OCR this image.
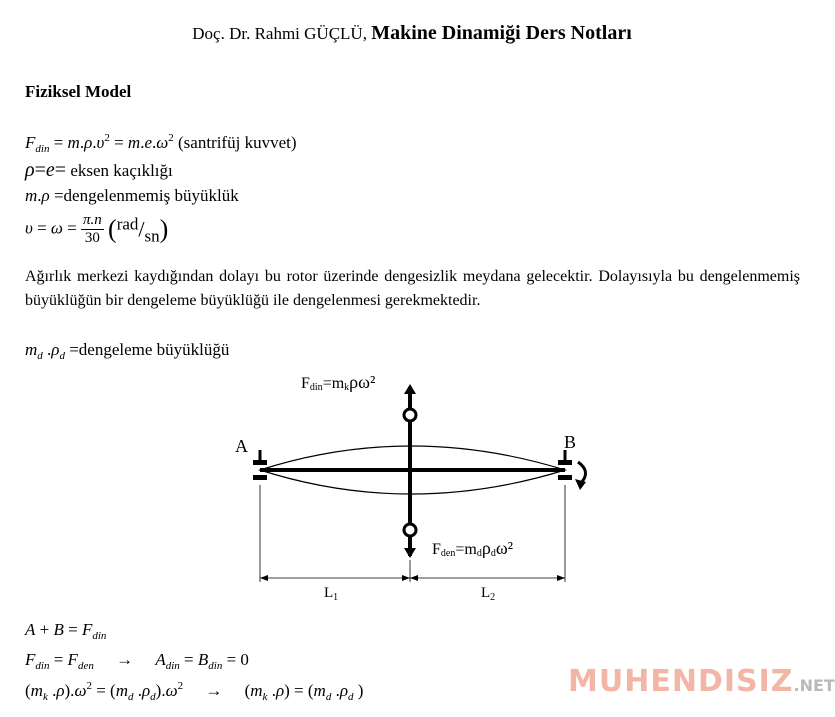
Doç. Dr. Rahmi GÜÇLÜ, Makine Dinamiği Ders Notları
Fiziksel Model
$F_{din} = m.\rho.\upsilon^2 = m.e.\omega^2$ (santrifüj kuvvet)
ρ=e= eksen kaçıklığı
m.ρ =dengelenmemiş büyüklük
$\upsilon = \omega = \frac{\pi.n}{30} (rad/sn)$
Ağırlık merkezi kaydığından dolayı bu rotor üzerinde dengesizlik meydana gelecektir. Dolayısıyla bu dengelenmemiş büyüklüğün bir dengeleme büyüklüğü ile dengelenmesi gerekmektedir.
$m_d$ $.\rho_d$ =dengeleme büyüklüğü
A	B
$L_1$	$L_2$
Fdin=mkρω²
Fden=mdρdω²
$A + B = F_{din}$
$F_{din} = F_{den} \to A_{din} = B_{din} = 0$
($m_k$ $.\rho).\omega^2 = (m_d$ $.\rho_d).\omega^2 \to (m_k$ $.\rho) = (m_d$ $.\rho_d$ )	MUHENDISIZ.NET
